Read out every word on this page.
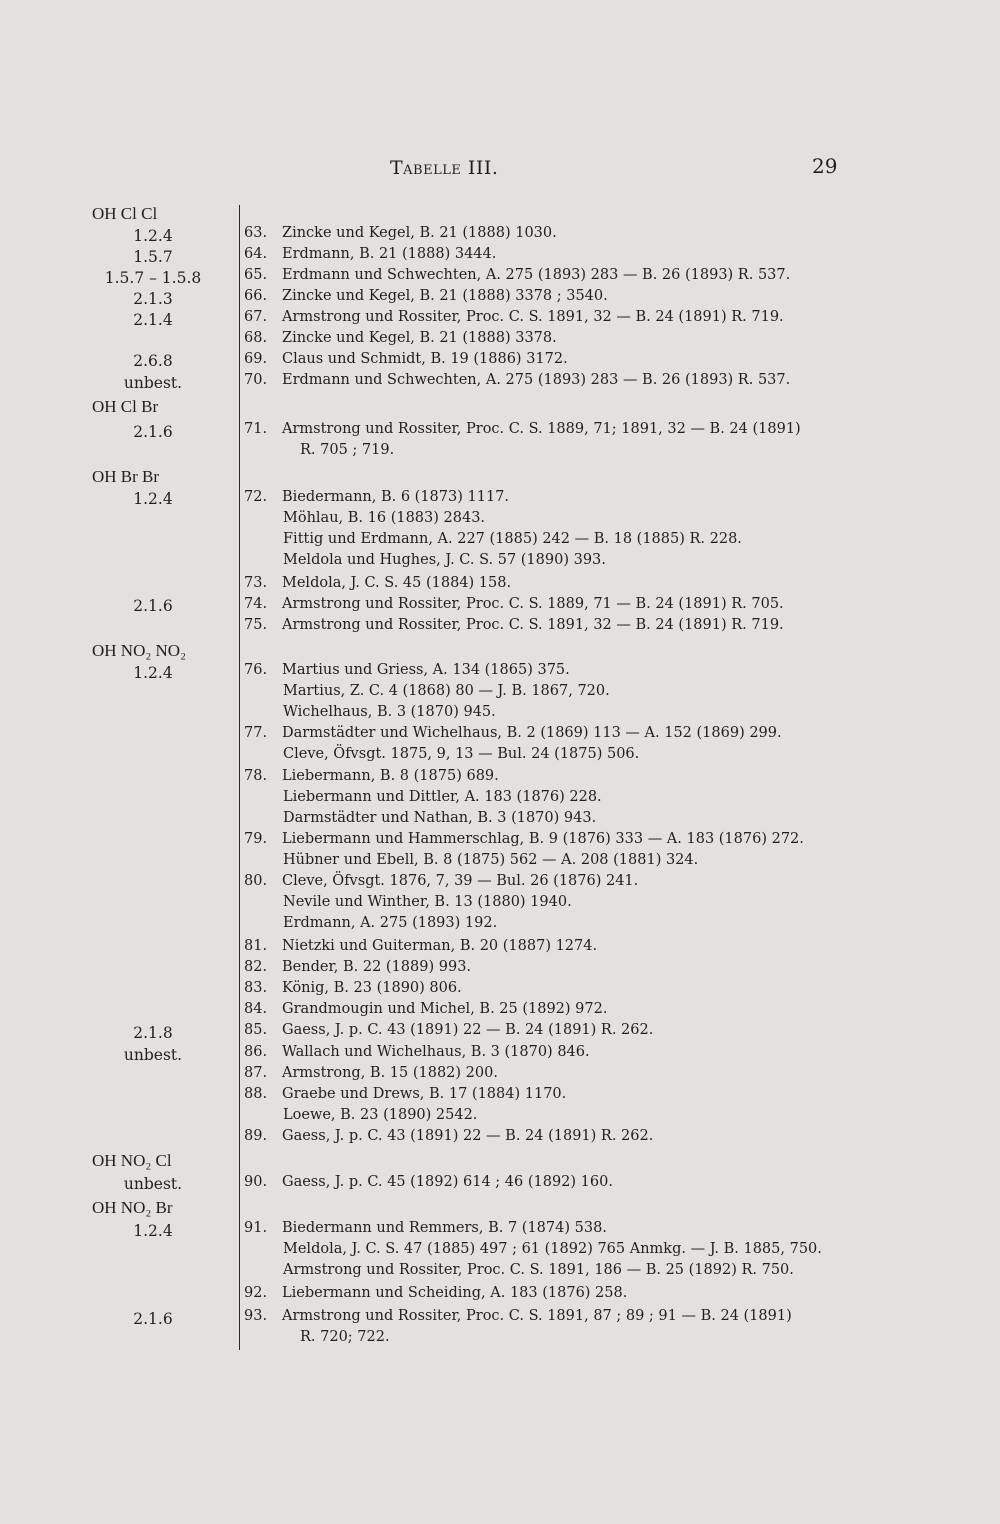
Tabelle III.	29
OH Cl Cl
1.2.4
1.5.7
1.5.7 – 1.5.8
2.1.3
2.1.4
2.6.8
unbest.
OH Cl Br
2.1.6
OH Br Br
1.2.4
2.1.6
OH NO₂ NO₂
1.2.4
2.1.8
unbest.
OH NO₂ Cl
unbest.
OH NO₂ Br
1.2.4
2.1.6
63. Zincke und Kegel, B. 21 (1888) 1030.
64. Erdmann, B. 21 (1888) 3444.
65. Erdmann und Schwechten, A. 275 (1893) 283 — B. 26 (1893) R. 537.
66. Zincke und Kegel, B. 21 (1888) 3378 ; 3540.
67. Armstrong und Rossiter, Proc. C. S. 1891, 32 — B. 24 (1891) R. 719.
68. Zincke und Kegel, B. 21 (1888) 3378.
69. Claus und Schmidt, B. 19 (1886) 3172.
70. Erdmann und Schwechten, A. 275 (1893) 283 — B. 26 (1893) R. 537.
71. Armstrong und Rossiter, Proc. C. S. 1889, 71; 1891, 32 — B. 24 (1891)
R. 705 ; 719.
72. Biedermann, B. 6 (1873) 1117.
Möhlau, B. 16 (1883) 2843.
Fittig und Erdmann, A. 227 (1885) 242 — B. 18 (1885) R. 228.
Meldola und Hughes, J. C. S. 57 (1890) 393.
73. Meldola, J. C. S. 45 (1884) 158.
74. Armstrong und Rossiter, Proc. C. S. 1889, 71 — B. 24 (1891) R. 705.
75. Armstrong und Rossiter, Proc. C. S. 1891, 32 — B. 24 (1891) R. 719.
76. Martius und Griess, A. 134 (1865) 375.
Martius, Z. C. 4 (1868) 80 — J. B. 1867, 720.
Wichelhaus, B. 3 (1870) 945.
77. Darmstädter und Wichelhaus, B. 2 (1869) 113 — A. 152 (1869) 299.
Cleve, Öfvsgt. 1875, 9, 13 — Bul. 24 (1875) 506.
78. Liebermann, B. 8 (1875) 689.
Liebermann und Dittler, A. 183 (1876) 228.
Darmstädter und Nathan, B. 3 (1870) 943.
79. Liebermann und Hammerschlag, B. 9 (1876) 333 — A. 183 (1876) 272.
Hübner und Ebell, B. 8 (1875) 562 — A. 208 (1881) 324.
80. Cleve, Öfvsgt. 1876, 7, 39 — Bul. 26 (1876) 241.
Nevile und Winther, B. 13 (1880) 1940.
Erdmann, A. 275 (1893) 192.
81. Nietzki und Guiterman, B. 20 (1887) 1274.
82. Bender, B. 22 (1889) 993.
83. König, B. 23 (1890) 806.
84. Grandmougin und Michel, B. 25 (1892) 972.
85. Gaess, J. p. C. 43 (1891) 22 — B. 24 (1891) R. 262.
86. Wallach und Wichelhaus, B. 3 (1870) 846.
87. Armstrong, B. 15 (1882) 200.
88. Graebe und Drews, B. 17 (1884) 1170.
Loewe, B. 23 (1890) 2542.
89. Gaess, J. p. C. 43 (1891) 22 — B. 24 (1891) R. 262.
90. Gaess, J. p. C. 45 (1892) 614 ; 46 (1892) 160.
91. Biedermann und Remmers, B. 7 (1874) 538.
Meldola, J. C. S. 47 (1885) 497 ; 61 (1892) 765 Anmkg. — J. B. 1885, 750.
Armstrong und Rossiter, Proc. C. S. 1891, 186 — B. 25 (1892) R. 750.
92. Liebermann und Scheiding, A. 183 (1876) 258.
93. Armstrong und Rossiter, Proc. C. S. 1891, 87 ; 89 ; 91 — B. 24 (1891)
R. 720; 722.
